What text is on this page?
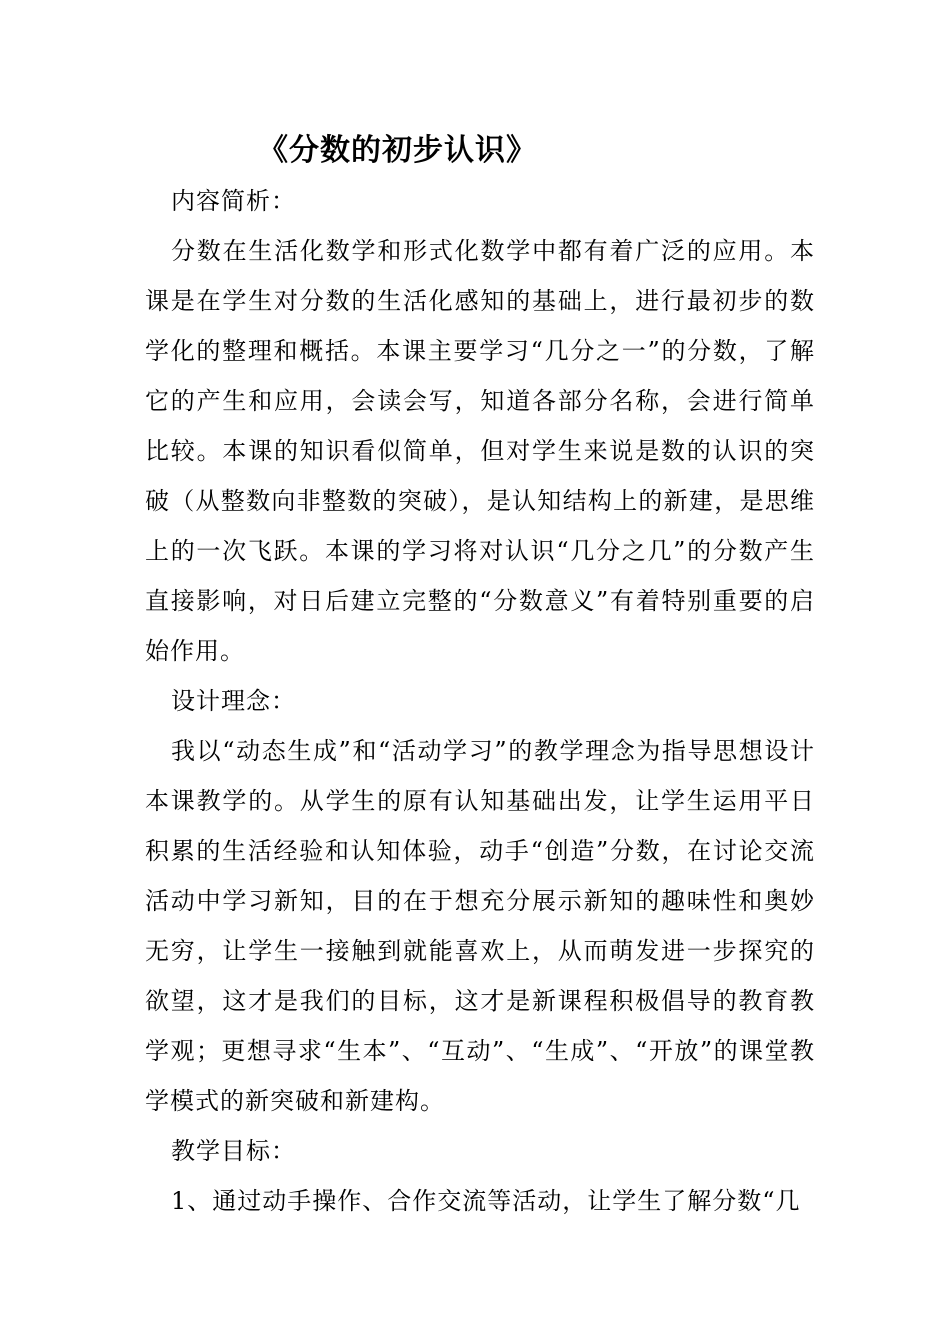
《分数的初步认识》

内容简析：

分数在生活化数学和形式化数学中都有着广泛的应用。本课是在学生对分数的生活化感知的基础上，进行最初步的数学化的整理和概括。本课主要学习“几分之一”的分数，了解它的产生和应用，会读会写，知道各部分名称，会进行简单比较。本课的知识看似简单，但对学生来说是数的认识的突破（从整数向非整数的突破），是认知结构上的新建，是思维上的一次飞跃。本课的学习将对认识“几分之几”的分数产生直接影响，对日后建立完整的“分数意义”有着特别重要的启始作用。

设计理念：

我以“动态生成”和“活动学习”的教学理念为指导思想设计本课教学的。从学生的原有认知基础出发，让学生运用平日积累的生活经验和认知体验，动手“创造”分数，在讨论交流活动中学习新知，目的在于想充分展示新知的趣味性和奥妙无穷，让学生一接触到就能喜欢上，从而萌发进一步探究的欲望，这才是我们的目标，这才是新课程积极倡导的教育教学观；更想寻求“生本”、“互动”、“生成”、“开放”的课堂教学模式的新突破和新建构。

教学目标：

1、通过动手操作、合作交流等活动，让学生了解分数“几
